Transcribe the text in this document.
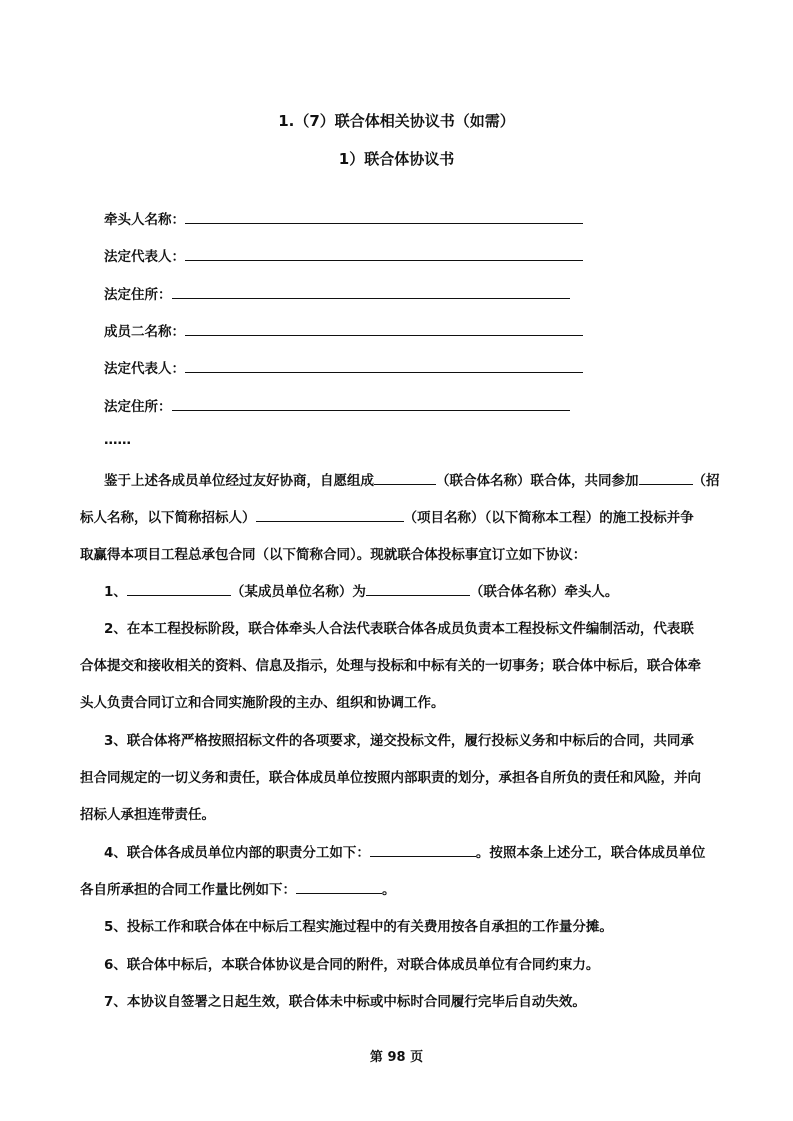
1.（7）联合体相关协议书（如需）
1）联合体协议书
牵头人名称：
法定代表人：
法定住所：
成员二名称：
法定代表人：
法定住所：
……
鉴于上述各成员单位经过友好协商，自愿组成	（联合体名称）联合体，共同参加	（招
标人名称，以下简称招标人）	（项目名称）（以下简称本工程）的施工投标并争
取赢得本项目工程总承包合同（以下简称合同）。现就联合体投标事宜订立如下协议：
1、	（某成员单位名称）为	（联合体名称）牵头人。
2、在本工程投标阶段，联合体牵头人合法代表联合体各成员负责本工程投标文件编制活动，代表联
合体提交和接收相关的资料、信息及指示，处理与投标和中标有关的一切事务；联合体中标后，联合体牵
头人负责合同订立和合同实施阶段的主办、组织和协调工作。
3、联合体将严格按照招标文件的各项要求，递交投标文件，履行投标义务和中标后的合同，共同承
担合同规定的一切义务和责任，联合体成员单位按照内部职责的划分，承担各自所负的责任和风险，并向
招标人承担连带责任。
4、联合体各成员单位内部的职责分工如下：	。按照本条上述分工，联合体成员单位
各自所承担的合同工作量比例如下：	。
5、投标工作和联合体在中标后工程实施过程中的有关费用按各自承担的工作量分摊。
6、联合体中标后，本联合体协议是合同的附件，对联合体成员单位有合同约束力。
7、本协议自签署之日起生效，联合体未中标或中标时合同履行完毕后自动失效。
第 98 页
